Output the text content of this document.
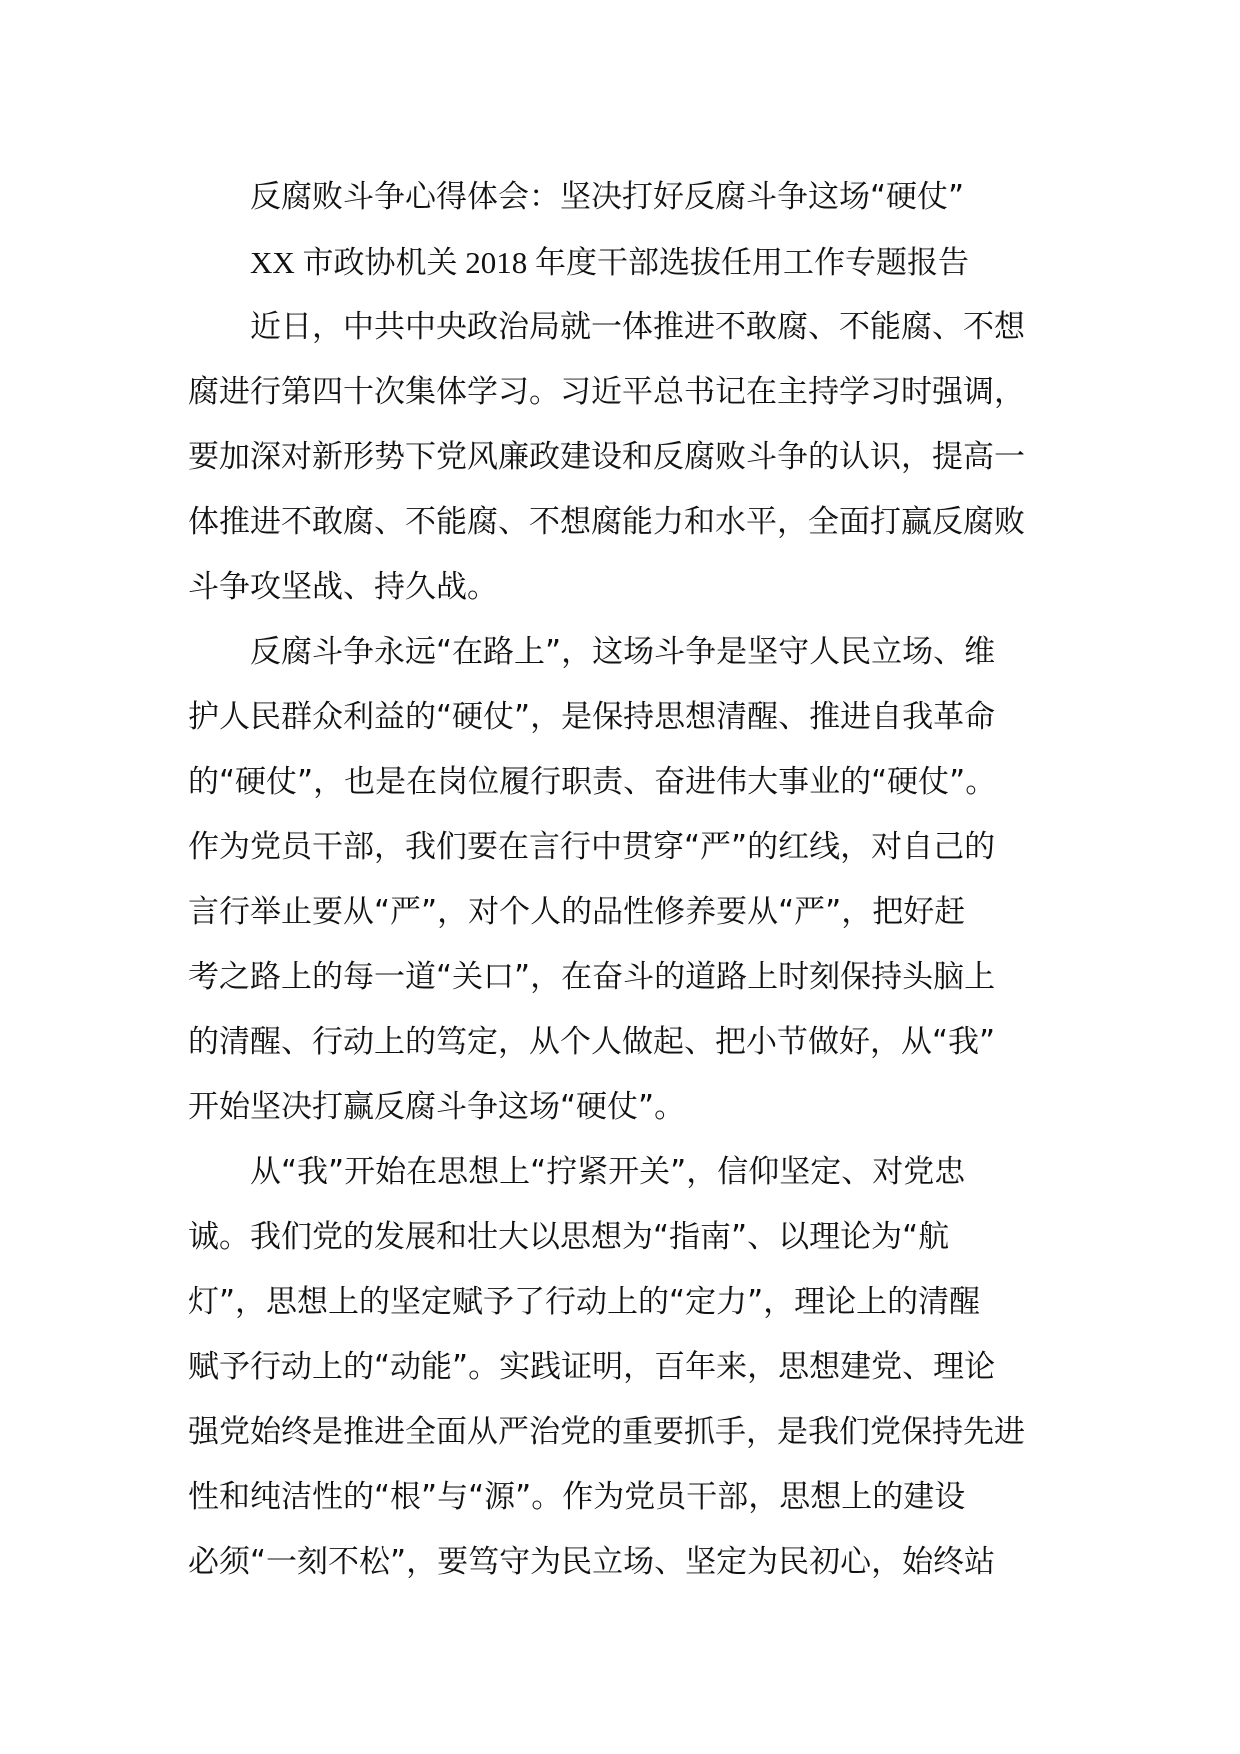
　　反腐败斗争心得体会：坚决打好反腐斗争这场“硬仗”

　　XX 市政协机关 2018 年度干部选拔任用工作专题报告

　　近日，中共中央政治局就一体推进不敢腐、不能腐、不想

腐进行第四十次集体学习。习近平总书记在主持学习时强调，

要加深对新形势下党风廉政建设和反腐败斗争的认识，提高一

体推进不敢腐、不能腐、不想腐能力和水平，全面打赢反腐败

斗争攻坚战、持久战。

　　反腐斗争永远“在路上”，这场斗争是坚守人民立场、维

护人民群众利益的“硬仗”，是保持思想清醒、推进自我革命

的“硬仗”，也是在岗位履行职责、奋进伟大事业的“硬仗”。

作为党员干部，我们要在言行中贯穿“严”的红线，对自己的

言行举止要从“严”，对个人的品性修养要从“严”，把好赶

考之路上的每一道“关口”，在奋斗的道路上时刻保持头脑上

的清醒、行动上的笃定，从个人做起、把小节做好，从“我”

开始坚决打赢反腐斗争这场“硬仗”。

　　从“我”开始在思想上“拧紧开关”，信仰坚定、对党忠

诚。我们党的发展和壮大以思想为“指南”、以理论为“航

灯”，思想上的坚定赋予了行动上的“定力”，理论上的清醒

赋予行动上的“动能”。实践证明，百年来，思想建党、理论

强党始终是推进全面从严治党的重要抓手，是我们党保持先进

性和纯洁性的“根”与“源”。作为党员干部，思想上的建设

必须“一刻不松”，要笃守为民立场、坚定为民初心，始终站
